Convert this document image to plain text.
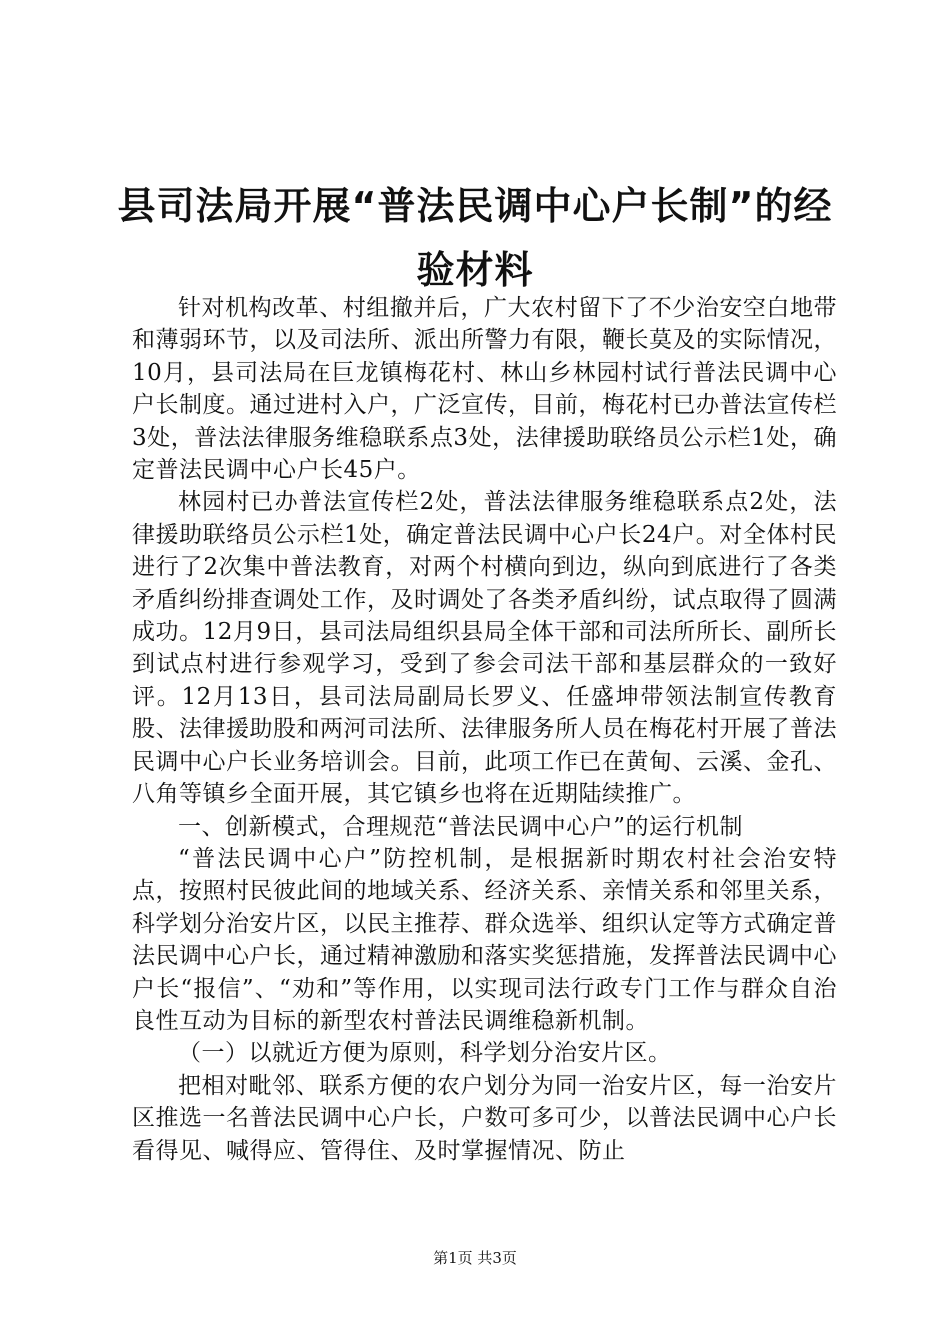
县司法局开展“普法民调中心户长制”的经验材料

针对机构改革、村组撤并后，广大农村留下了不少治安空白地带和薄弱环节，以及司法所、派出所警力有限，鞭长莫及的实际情况，10月，县司法局在巨龙镇梅花村、林山乡林园村试行普法民调中心户长制度。通过进村入户，广泛宣传，目前，梅花村已办普法宣传栏3处，普法法律服务维稳联系点3处，法律援助联络员公示栏1处，确定普法民调中心户长45户。

林园村已办普法宣传栏2处，普法法律服务维稳联系点2处，法律援助联络员公示栏1处，确定普法民调中心户长24户。对全体村民进行了2次集中普法教育，对两个村横向到边，纵向到底进行了各类矛盾纠纷排查调处工作，及时调处了各类矛盾纠纷，试点取得了圆满成功。12月9日，县司法局组织县局全体干部和司法所所长、副所长到试点村进行参观学习，受到了参会司法干部和基层群众的一致好评。12月13日，县司法局副局长罗义、任盛坤带领法制宣传教育股、法律援助股和两河司法所、法律服务所人员在梅花村开展了普法民调中心户长业务培训会。目前，此项工作已在黄甸、云溪、金孔、八角等镇乡全面开展，其它镇乡也将在近期陆续推广。

一、创新模式，合理规范“普法民调中心户”的运行机制

“普法民调中心户”防控机制，是根据新时期农村社会治安特点，按照村民彼此间的地域关系、经济关系、亲情关系和邻里关系，科学划分治安片区，以民主推荐、群众选举、组织认定等方式确定普法民调中心户长，通过精神激励和落实奖惩措施，发挥普法民调中心户长“报信”、“劝和”等作用，以实现司法行政专门工作与群众自治良性互动为目标的新型农村普法民调维稳新机制。

（一）以就近方便为原则，科学划分治安片区。

把相对毗邻、联系方便的农户划分为同一治安片区，每一治安片区推选一名普法民调中心户长，户数可多可少，以普法民调中心户长看得见、喊得应、管得住、及时掌握情况、防止

第1页 共3页
